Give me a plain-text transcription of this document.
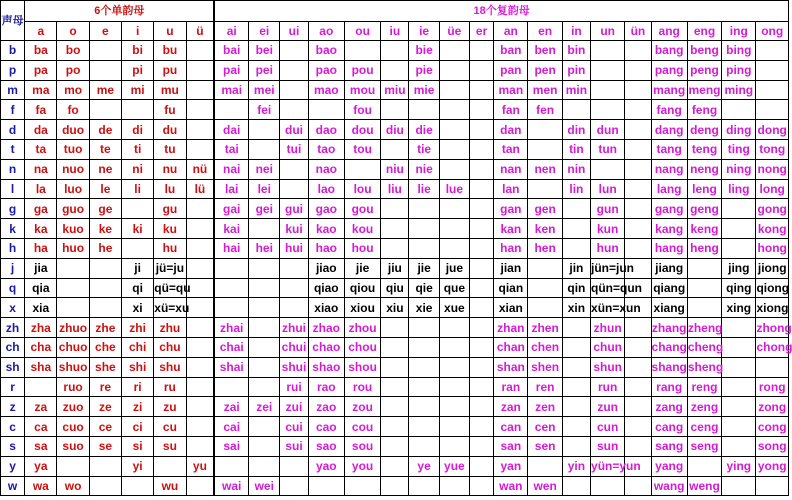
声母	6个单韵母						18个复韵母																	
	a	o	e	i	u	ü	ai	ei	ui	ao	ou	iu	ie	üe	er	an	en	in	un	ün	ang	eng	ing	ong
b	ba	bo		bi	bu		bai	bei		bao			bie			ban	ben	bin			bang	beng	bing	
p	pa	po		pi	pu		pai	pei		pao	pou		pie			pan	pen	pin			pang	peng	ping	
m	ma	mo	me	mi	mu		mai	mei		mao	mou	miu	mie			man	men	min			mang	meng	ming	
f	fa	fo			fu			fei			fou					fan	fen				fang	feng		
d	da	duo	de	di	du		dai		dui	dao	dou	diu	die			dan		din	dun		dang	deng	ding	dong
t	ta	tuo	te	ti	tu		tai		tui	tao	tou		tie			tan		tin	tun		tang	teng	ting	tong
n	na	nuo	ne	ni	nu	nü	nai	nei		nao		niu	nie			nan	nen	nin			nang	neng	ning	nong
l	la	luo	le	li	lu	lü	lai	lei		lao	lou	liu	lie	lue		lan		lin	lun		lang	leng	ling	long
g	ga	guo	ge		gu		gai	gei	gui	gao	gou					gan	gen		gun		gang	geng		gong
k	ka	kuo	ke	ki	ku		kai		kui	kao	kou					kan	ken		kun		kang	keng		kong
h	ha	huo	he		hu		hai	hei	hui	hao	hou					han	hen		hun		hang	heng		hong
j	jia			ji	jü=ju					jiao	jie	jiu	jie	jue		jian		jin	jün=jun		jiang		jing	jiong
q	qia			qi	qü=qu					qiao	qiou	qiu	qie	que		qian		qin	qün=qun		qiang		qing	qiong
x	xia			xi	xü=xu					xiao	xiou	xiu	xie	xue		xian		xin	xün=xun		xiang		xing	xiong
zh	zha	zhuo	zhe	zhi	zhu		zhai		zhui	zhao	zhou					zhan	zhen		zhun		zhang	zheng		zhong
ch	cha	chuo	che	chi	chu		chai		chui	chao	chou					chan	chen		chun		chang	cheng		chong
sh	sha	shuo	she	shi	shu		shai		shui	shao	shou					shan	shen		shun		shang	sheng		
r		ruo	re	ri	ru				rui	rao	rou					ran	ren		run		rang	reng		rong
z	za	zuo	ze	zi	zu		zai	zei	zui	zao	zou					zan	zen		zun		zang	zeng		zong
c	ca	cuo	ce	ci	cu		cai		cui	cao	cou					can	cen		cun		cang	ceng		cong
s	sa	suo	se	si	su		sai		sui	sao	sou					san	sen		sun		sang	seng		song
y	ya			yi		yu				yao	you		ye	yue		yan		yin	yün=yun		yang		ying	yong
w	wa	wo			wu		wai	wei								wan	wen				wang	weng		
